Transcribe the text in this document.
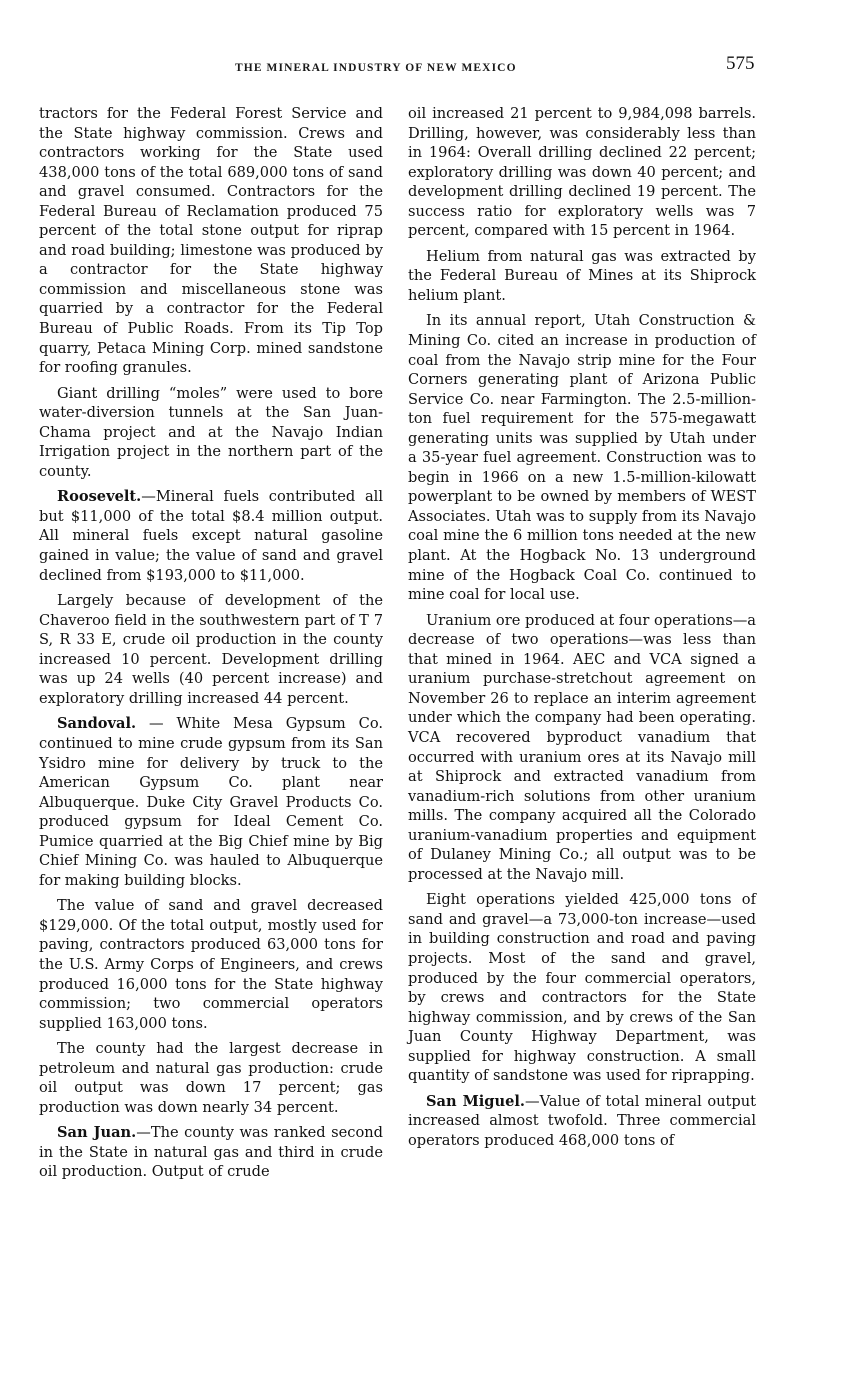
THE MINERAL INDUSTRY OF NEW MEXICO	575

tractors for the Federal Forest Service and the State highway commission. Crews and contractors working for the State used 438,000 tons of the total 689,000 tons of sand and gravel consumed. Contractors for the Federal Bureau of Reclamation produced 75 percent of the total stone output for riprap and road building; limestone was produced by a contractor for the State highway commission and miscellaneous stone was quarried by a contractor for the Federal Bureau of Public Roads. From its Tip Top quarry, Petaca Mining Corp. mined sandstone for roofing granules.

Giant drilling “moles” were used to bore water-diversion tunnels at the San Juan-Chama project and at the Navajo Indian Irrigation project in the northern part of the county.

Roosevelt.—Mineral fuels contributed all but $11,000 of the total $8.4 million output. All mineral fuels except natural gasoline gained in value; the value of sand and gravel declined from $193,000 to $11,000.

Largely because of development of the Chaveroo field in the southwestern part of T 7 S, R 33 E, crude oil production in the county increased 10 percent. Development drilling was up 24 wells (40 percent increase) and exploratory drilling increased 44 percent.

Sandoval. — White Mesa Gypsum Co. continued to mine crude gypsum from its San Ysidro mine for delivery by truck to the American Gypsum Co. plant near Albuquerque. Duke City Gravel Products Co. produced gypsum for Ideal Cement Co. Pumice quarried at the Big Chief mine by Big Chief Mining Co. was hauled to Albuquerque for making building blocks.

The value of sand and gravel decreased $129,000. Of the total output, mostly used for paving, contractors produced 63,000 tons for the U.S. Army Corps of Engineers, and crews produced 16,000 tons for the State highway commission; two commercial operators supplied 163,000 tons.

The county had the largest decrease in petroleum and natural gas production: crude oil output was down 17 percent; gas production was down nearly 34 percent.

San Juan.—The county was ranked second in the State in natural gas and third in crude oil production. Output of crude

oil increased 21 percent to 9,984,098 barrels. Drilling, however, was considerably less than in 1964: Overall drilling declined 22 percent; exploratory drilling was down 40 percent; and development drilling declined 19 percent. The success ratio for exploratory wells was 7 percent, compared with 15 percent in 1964.

Helium from natural gas was extracted by the Federal Bureau of Mines at its Shiprock helium plant.

In its annual report, Utah Construction & Mining Co. cited an increase in production of coal from the Navajo strip mine for the Four Corners generating plant of Arizona Public Service Co. near Farmington. The 2.5-million-ton fuel requirement for the 575-megawatt generating units was supplied by Utah under a 35-year fuel agreement. Construction was to begin in 1966 on a new 1.5-million-kilowatt powerplant to be owned by members of WEST Associates. Utah was to supply from its Navajo coal mine the 6 million tons needed at the new plant. At the Hogback No. 13 underground mine of the Hogback Coal Co. continued to mine coal for local use.

Uranium ore produced at four operations—a decrease of two operations—was less than that mined in 1964. AEC and VCA signed a uranium purchase-stretchout agreement on November 26 to replace an interim agreement under which the company had been operating. VCA recovered byproduct vanadium that occurred with uranium ores at its Navajo mill at Shiprock and extracted vanadium from vanadium-rich solutions from other uranium mills. The company acquired all the Colorado uranium-vanadium properties and equipment of Dulaney Mining Co.; all output was to be processed at the Navajo mill.

Eight operations yielded 425,000 tons of sand and gravel—a 73,000-ton increase—used in building construction and road and paving projects. Most of the sand and gravel, produced by the four commercial operators, by crews and contractors for the State highway commission, and by crews of the San Juan County Highway Department, was supplied for highway construction. A small quantity of sandstone was used for riprapping.

San Miguel.—Value of total mineral output increased almost twofold. Three commercial operators produced 468,000 tons of
